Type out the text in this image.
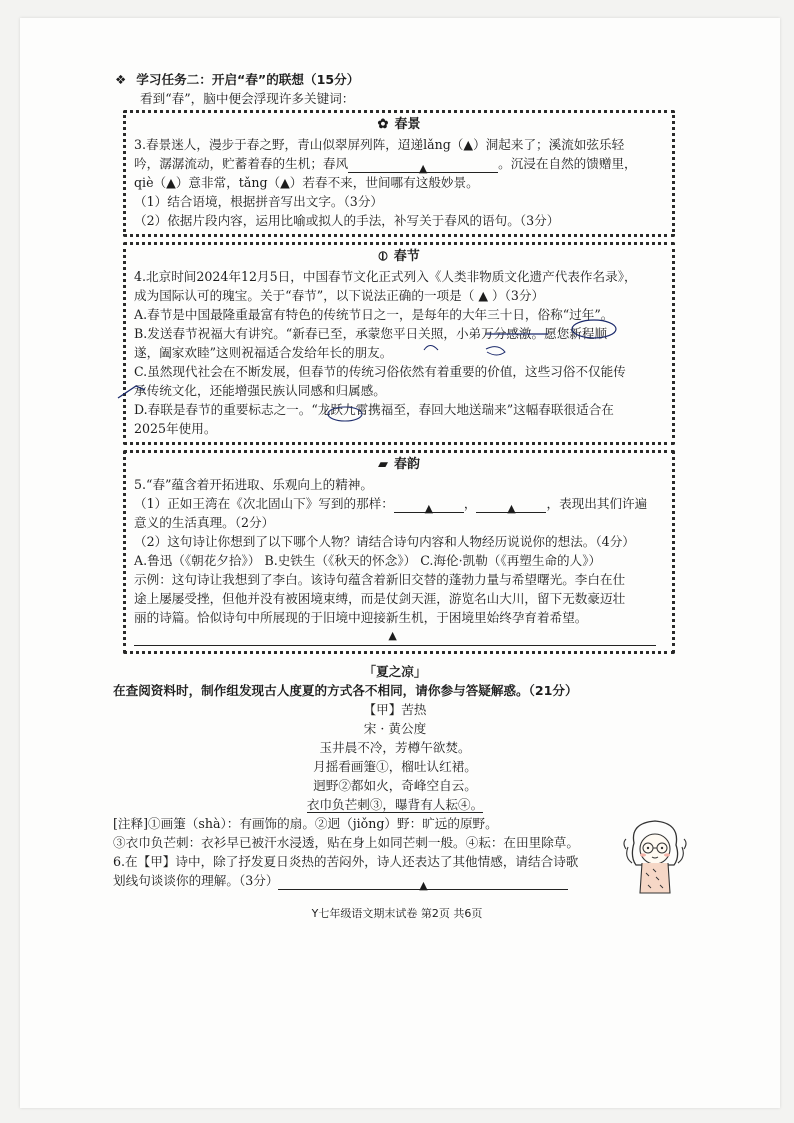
❖ 学习任务二：开启“春”的联想（15分）
看到“春”，脑中便会浮现许多关键词：
✿ 春景

3.春景迷人，漫步于春之野，青山似翠屏列阵，迢递lǎng（▲）洞起来了；溪流如弦乐轻

吟，潺潺流动，贮蓄着春的生机；春风	▲	。沉浸在自然的馈赠里，

qiè（▲）意非常，tǎng（▲）若春不来，世间哪有这般妙景。

（1）结合语境，根据拼音写出文字。（3分）

（2）依据片段内容，运用比喻或拟人的手法，补写关于春风的语句。（3分）

⦶ 春节

4.北京时间2024年12月5日，中国春节文化正式列入《人类非物质文化遗产代表作名录》，

成为国际认可的瑰宝。关于“春节”，以下说法正确的一项是（ ▲ ）（3分）

A.春节是中国最隆重最富有特色的传统节日之一，是每年的大年三十日，俗称“过年”。

B.发送春节祝福大有讲究。“新春已至，承蒙您平日关照，小弟万分感激。愿您新程顺

遂，阖家欢睦”这则祝福适合发给年长的朋友。

C.虽然现代社会在不断发展，但春节的传统习俗依然有着重要的价值，这些习俗不仅能传

承传统文化，还能增强民族认同感和归属感。

D.春联是春节的重要标志之一。“龙跃九霄携福至，春回大地送瑞来”这幅春联很适合在

2025年使用。

▰ 春韵

5.“春”蕴含着开拓进取、乐观向上的精神。

（1）正如王湾在《次北固山下》写到的那样：	▲ ，	▲ ，表现出其们许遍

意义的生活真理。（2分）

（2）这句诗让你想到了以下哪个人物？请结合诗句内容和人物经历说说你的想法。（4分）

A.鲁迅（《朝花夕拾》） B.史铁生（《秋天的怀念》） C.海伦·凯勒（《再塑生命的人》）

示例：这句诗让我想到了李白。该诗句蕴含着新旧交替的蓬勃力量与希望曙光。李白在仕

途上屡屡受挫，但他并没有被困境束缚，而是仗剑天涯，游览名山大川，留下无数豪迈壮

丽的诗篇。恰似诗句中所展现的于旧境中迎接新生机，于困境里始终孕育着希望。

▲
「夏之凉」
在查阅资料时，制作组发现古人度夏的方式各不相同，请你参与答疑解惑。（21分）
【甲】苦热
宋 · 黄公度
玉井晨不冷，芳樽午欲焚。
月摇看画箑①，榴吐认红裙。
迥野②都如火，奇峰空自云。
衣巾负芒刺③，曝背有人耘④。
[注释]①画箑（shà）：有画饰的扇。②迥（jiǒng）野：旷远的原野。
③衣巾负芒刺：衣衫早已被汗水浸透，贴在身上如同芒刺一般。④耘：在田里除草。
6.在【甲】诗中，除了抒发夏日炎热的苦闷外，诗人还表达了其他情感，请结合诗歌
划线句谈谈你的理解。（3分）	▲
Y七年级语文期末试卷 第2页 共6页
